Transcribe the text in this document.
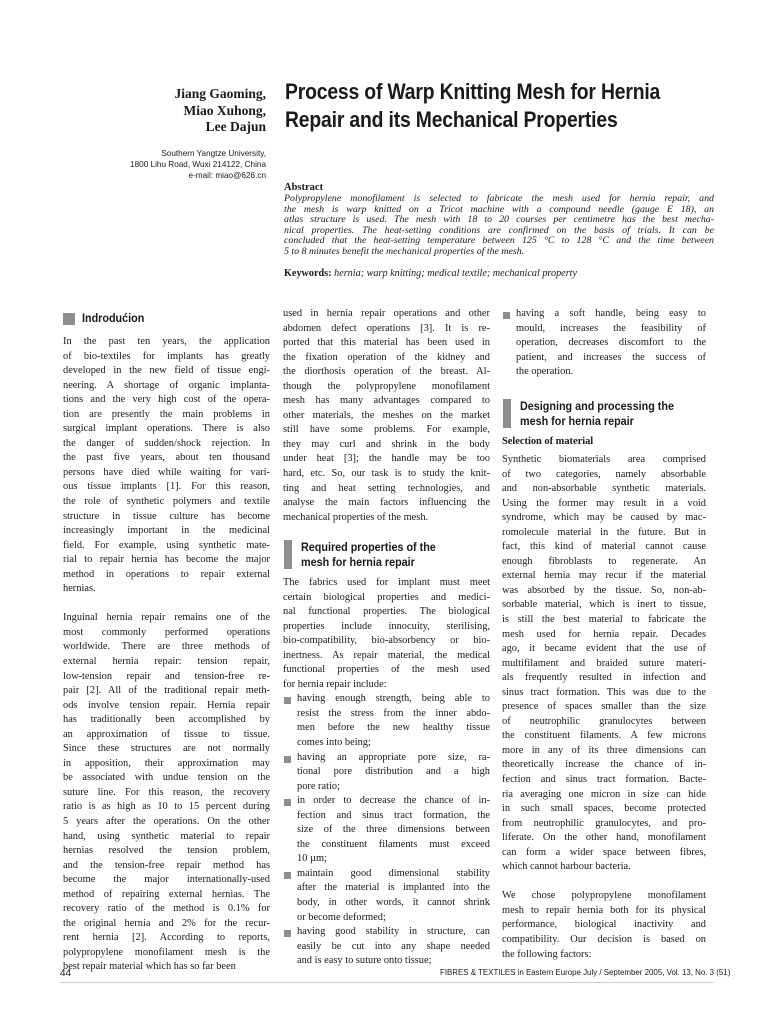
Jiang Gaoming,
Miao Xuhong,
Lee Dajun
Southern Yangtze University,
1800 Lihu Road, Wuxi 214122, China
e-mail: miao@626.cn
Process of Warp Knitting Mesh for Hernia
Repair and its Mechanical Properties
Abstract
Polypropylene monofilament is selected to fabricate the mesh used for hernia repair, and
the mesh is warp knitted on a Tricot machine with a compound needle (gauge E 18), an
atlas structure is used. The mesh with 18 to 20 courses per centimetre has the best mecha-
nical properties. The heat-setting conditions are confirmed on the basis of trials. It can be
concluded that the heat-setting temperature between 125 °C to 128 °C and the time between
5 to 8 minutes benefit the mechanical properties of the mesh.
Keywords: hernia; warp knitting; medical textile; mechanical property
Indrodućion

In the past ten years, the application
of bio-textiles for implants has greatly
developed in the new field of tissue engi-
neering. A shortage of organic implanta-
tions and the very high cost of the opera-
tion are presently the main problems in
surgical implant operations. There is also
the danger of sudden/shock rejection. In
the past five years, about ten thousand
persons have died while waiting for vari-
ous tissue implants [1]. For this reason,
the role of synthetic polymers and textile
structure in tissue culture has become
increasingly important in the medicinal
field. For example, using synthetic mate-
rial to repair hernia has become the major
method in operations to repair external
hernias.

Inguinal hernia repair remains one of the
most commonly performed operations
worldwide. There are three methods of
external hernia repair: tension repair,
low-tension repair and tension-free re-
pair [2]. All of the traditional repair meth-
ods involve tension repair. Hernia repair
has traditionally been accomplished by
an approximation of tissue to tissue.
Since these structures are not normally
in apposition, their approximation may
be associated with undue tension on the
suture line. For this reason, the recovery
ratio is as high as 10 to 15 percent during
5 years after the operations. On the other
hand, using synthetic material to repair
hernias resolved the tension problem,
and the tension-free repair method has
become the major internationally-used
method of repairing external hernias. The
recovery ratio of the method is 0.1% for
the original hernia and 2% for the recur-
rent hernia [2]. According to reports,
polypropylene monofilament mesh is the
best repair material which has so far been

used in hernia repair operations and other
abdomen defect operations [3]. It is re-
ported that this material has been used in
the fixation operation of the kidney and
the diorthosis operation of the breast. Al-
though the polypropylene monofilament
mesh has many advantages compared to
other materials, the meshes on the market
still have some problems. For example,
they may curl and shrink in the body
under heat [3]; the handle may be too
hard, etc. So, our task is to study the knit-
ting and heat setting technologies, and
analyse the main factors influencing the
mechanical properties of the mesh.

Required properties of the
mesh for hernia repair

The fabrics used for implant must meet
certain biological properties and medici-
nal functional properties. The biological
properties include innocuity, sterilising,
bio-compatibility, bio-absorbency or bio-
inertness. As repair material, the medical
functional properties of the mesh used
for hernia repair include:

having enough strength, being able to
resist the stress from the inner abdo-
men before the new healthy tissue
comes into being;
having an appropriate pore size, ra-
tional pore distribution and a high
pore ratio;
in order to decrease the chance of in-
fection and sinus tract formation, the
size of the three dimensions between
the constituent filaments must exceed
10 µm;
maintain good dimensional stability
after the material is implanted into the
body, in other words, it cannot shrink
or become deformed;
having good stability in structure, can
easily be cut into any shape needed
and is easy to suture onto tissue;
having a soft handle, being easy to
mould, increases the feasibility of
operation, decreases discomfort to the
patient, and increases the success of
the operation.
Designing and processing the
mesh for hernia repair
Selection of material

Synthetic biomaterials area comprised
of two categories, namely absorbable
and non-absorbable synthetic materials.
Using the former may result in a void
syndrome, which may be caused by mac-
romolecule material in the future. But in
fact, this kind of material cannot cause
enough fibroblasts to regenerate. An
external hernia may recur if the material
was absorbed by the tissue. So, non-ab-
sorbable material, which is inert to tissue,
is still the best material to fabricate the
mesh used for hernia repair. Decades
ago, it became evident that the use of
multifilament and braided suture materi-
als frequently resulted in infection and
sinus tract formation. This was due to the
presence of spaces smaller than the size
of neutrophilic granulocytes between
the constituent filaments. A few microns
more in any of its three dimensions can
theoretically increase the chance of in-
fection and sinus tract formation. Bacte-
ria averaging one micron in size can hide
in such small spaces, become protected
from neutrophilic granulocytes, and pro-
liferate. On the other hand, monofilament
can form a wider space between fibres,
which cannot harbour bacteria.

We chose polypropylene monofilament
mesh to repair hernia both for its physical
performance, biological inactivity and
compatibility. Our decision is based on
the following factors:

44	FIBRES & TEXTILES in Eastern Europe July / September 2005, Vol. 13, No. 3 (51)
